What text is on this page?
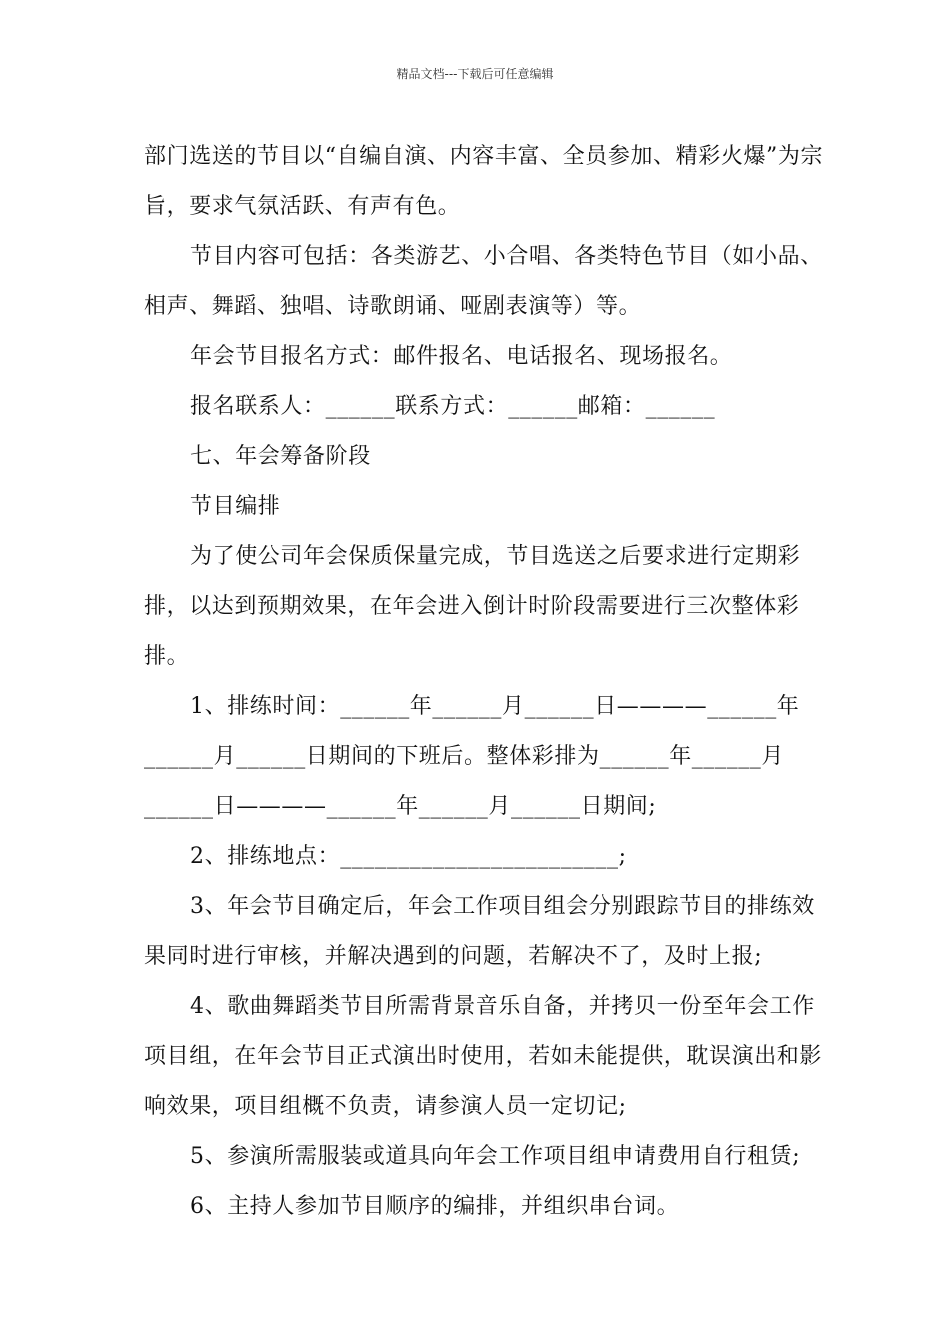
精品文档---下载后可任意编辑

部门选送的节目以“自编自演、内容丰富、全员参加、精彩火爆”为宗旨，要求气氛活跃、有声有色。

节目内容可包括：各类游艺、小合唱、各类特色节目（如小品、相声、舞蹈、独唱、诗歌朗诵、哑剧表演等）等。

年会节目报名方式：邮件报名、电话报名、现场报名。

报名联系人：______联系方式：______邮箱：______

七、年会筹备阶段

节目编排

为了使公司年会保质保量完成，节目选送之后要求进行定期彩排，以达到预期效果，在年会进入倒计时阶段需要进行三次整体彩排。

1、排练时间：______年______月______日————______年______月______日期间的下班后。整体彩排为______年______月______日————______年______月______日期间;

2、排练地点：________________________;

3、年会节目确定后，年会工作项目组会分别跟踪节目的排练效果同时进行审核，并解决遇到的问题，若解决不了，及时上报;

4、歌曲舞蹈类节目所需背景音乐自备，并拷贝一份至年会工作项目组，在年会节目正式演出时使用，若如未能提供，耽误演出和影响效果，项目组概不负责，请参演人员一定切记;

5、参演所需服装或道具向年会工作项目组申请费用自行租赁;

6、主持人参加节目顺序的编排，并组织串台词。
